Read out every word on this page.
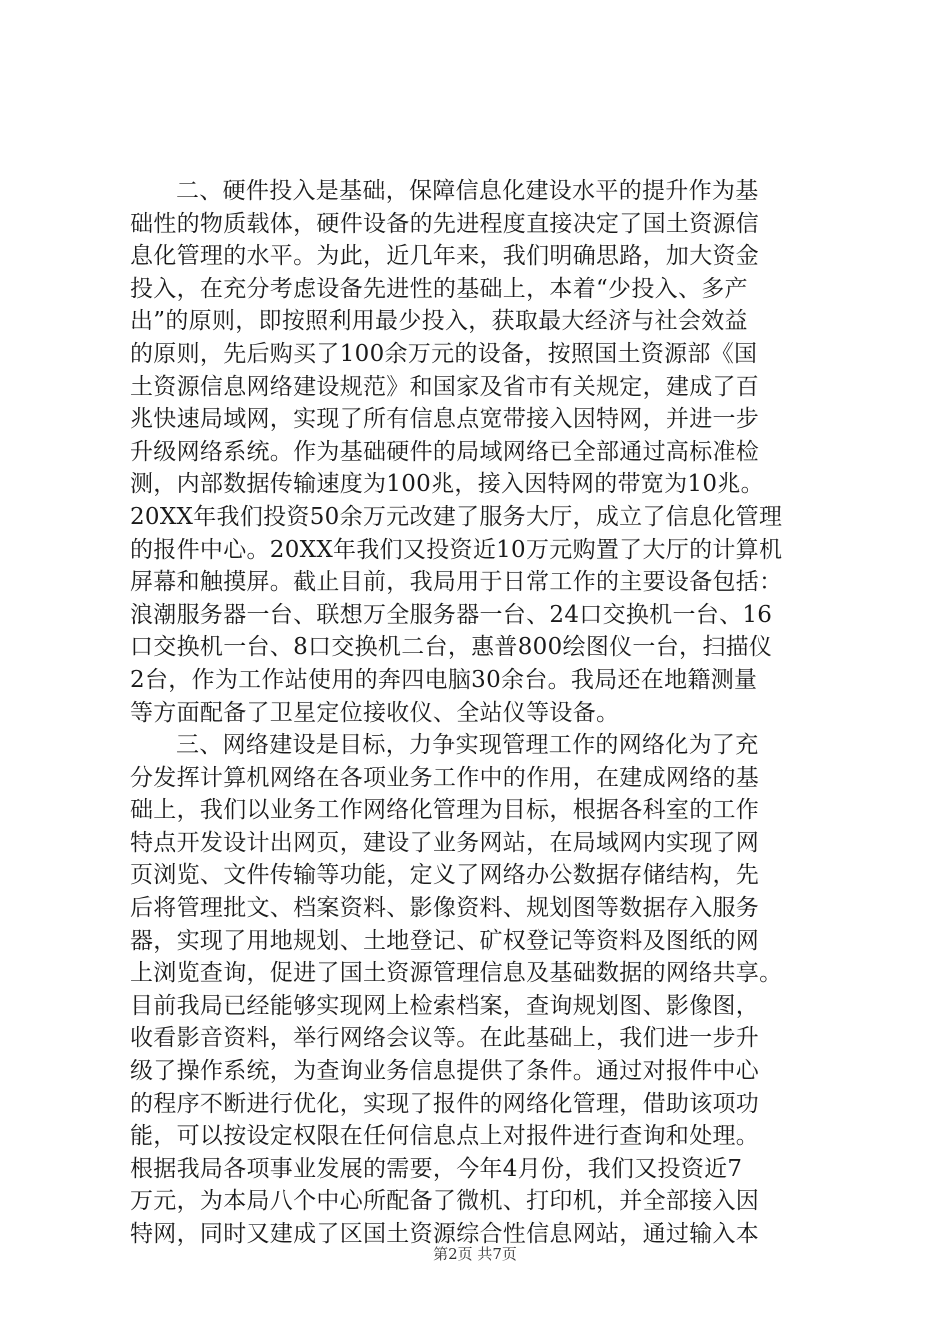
二、硬件投入是基础，保障信息化建设水平的提升作为基
础性的物质载体，硬件设备的先进程度直接决定了国土资源信
息化管理的水平。为此，近几年来，我们明确思路，加大资金
投入，在充分考虑设备先进性的基础上，本着“少投入、多产
出”的原则，即按照利用最少投入，获取最大经济与社会效益
的原则，先后购买了100余万元的设备，按照国土资源部《国
土资源信息网络建设规范》和国家及省市有关规定，建成了百
兆快速局域网，实现了所有信息点宽带接入因特网，并进一步
升级网络系统。作为基础硬件的局域网络已全部通过高标准检
测，内部数据传输速度为100兆，接入因特网的带宽为10兆。
20XX年我们投资50余万元改建了服务大厅，成立了信息化管理
的报件中心。20XX年我们又投资近10万元购置了大厅的计算机
屏幕和触摸屏。截止目前，我局用于日常工作的主要设备包括：
浪潮服务器一台、联想万全服务器一台、24口交换机一台、16
口交换机一台、8口交换机二台，惠普800绘图仪一台，扫描仪
2台，作为工作站使用的奔四电脑30余台。我局还在地籍测量
等方面配备了卫星定位接收仪、全站仪等设备。
三、网络建设是目标，力争实现管理工作的网络化为了充
分发挥计算机网络在各项业务工作中的作用，在建成网络的基
础上，我们以业务工作网络化管理为目标，根据各科室的工作
特点开发设计出网页，建设了业务网站，在局域网内实现了网
页浏览、文件传输等功能，定义了网络办公数据存储结构，先
后将管理批文、档案资料、影像资料、规划图等数据存入服务
器，实现了用地规划、土地登记、矿权登记等资料及图纸的网
上浏览查询，促进了国土资源管理信息及基础数据的网络共享。
目前我局已经能够实现网上检索档案，查询规划图、影像图，
收看影音资料，举行网络会议等。在此基础上，我们进一步升
级了操作系统，为查询业务信息提供了条件。通过对报件中心
的程序不断进行优化，实现了报件的网络化管理，借助该项功
能，可以按设定权限在任何信息点上对报件进行查询和处理。
根据我局各项事业发展的需要，今年4月份，我们又投资近7
万元，为本局八个中心所配备了微机、打印机，并全部接入因
特网，同时又建成了区国土资源综合性信息网站，通过输入本
第2页 共7页
